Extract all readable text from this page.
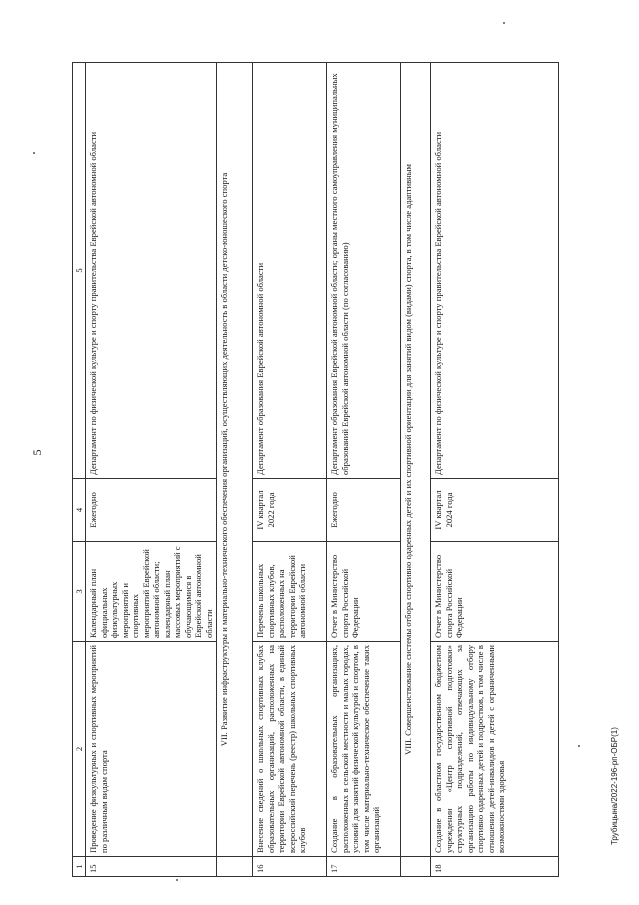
5
1	2	3	4	5
15	Проведение физкультурных и спортивных мероприятий по различным видам спорта	Календарный план официальных физкультурных мероприятий и спортивных мероприятий Еврейской автономной области; календарный план массовых мероприятий с обучающимися в Еврейской автономной области	Ежегодно	Департамент по физической культуре и спорту правительства Еврейской автономной области
	VII. Развитие инфраструктуры и материально-технического обеспечения организаций, осуществляющих деятельность в области детско-юношеского спорта			
16	Внесение сведений о школьных спортивных клубах образовательных организаций, расположенных на территории Еврейской автономной области, в единый всероссийский перечень (реестр) школьных спортивных клубов	Перечень школьных спортивных клубов, расположенных на территории Еврейской автономной области	IV квартал 2022 года	Департамент образования Еврейской автономной области
17	Создание в образовательных организациях, расположенных в сельской местности и малых городах, условий для занятий физической культурой и спортом, в том числе материально-техническое обеспечение таких организаций	Отчет в Министерство спорта Российской Федерации	Ежегодно	Департамент образования Еврейской автономной области; органы местного самоуправления муниципальных образований Еврейской автономной области (по согласованию)
	VIII. Совершенствование системы отбора спортивно одаренных детей и их спортивной ориентации для занятий видом (видами) спорта, в том числе адаптивным			
18	Создание в областном государственном бюджетном учреждении «Центр спортивной подготовки» структурных подразделений, отвечающих за организацию работы по индивидуальному отбору спортивно одаренных детей и подростков, в том числе в отношении детей-инвалидов и детей с ограниченными возможностями здоровья	Отчет в Министерство спорта Российской Федерации	IV квартал 2024 года	Департамент по физической культуре и спорту правительства Еврейской автономной области
Трубицына/2022-196-рп-ОБР(1)
